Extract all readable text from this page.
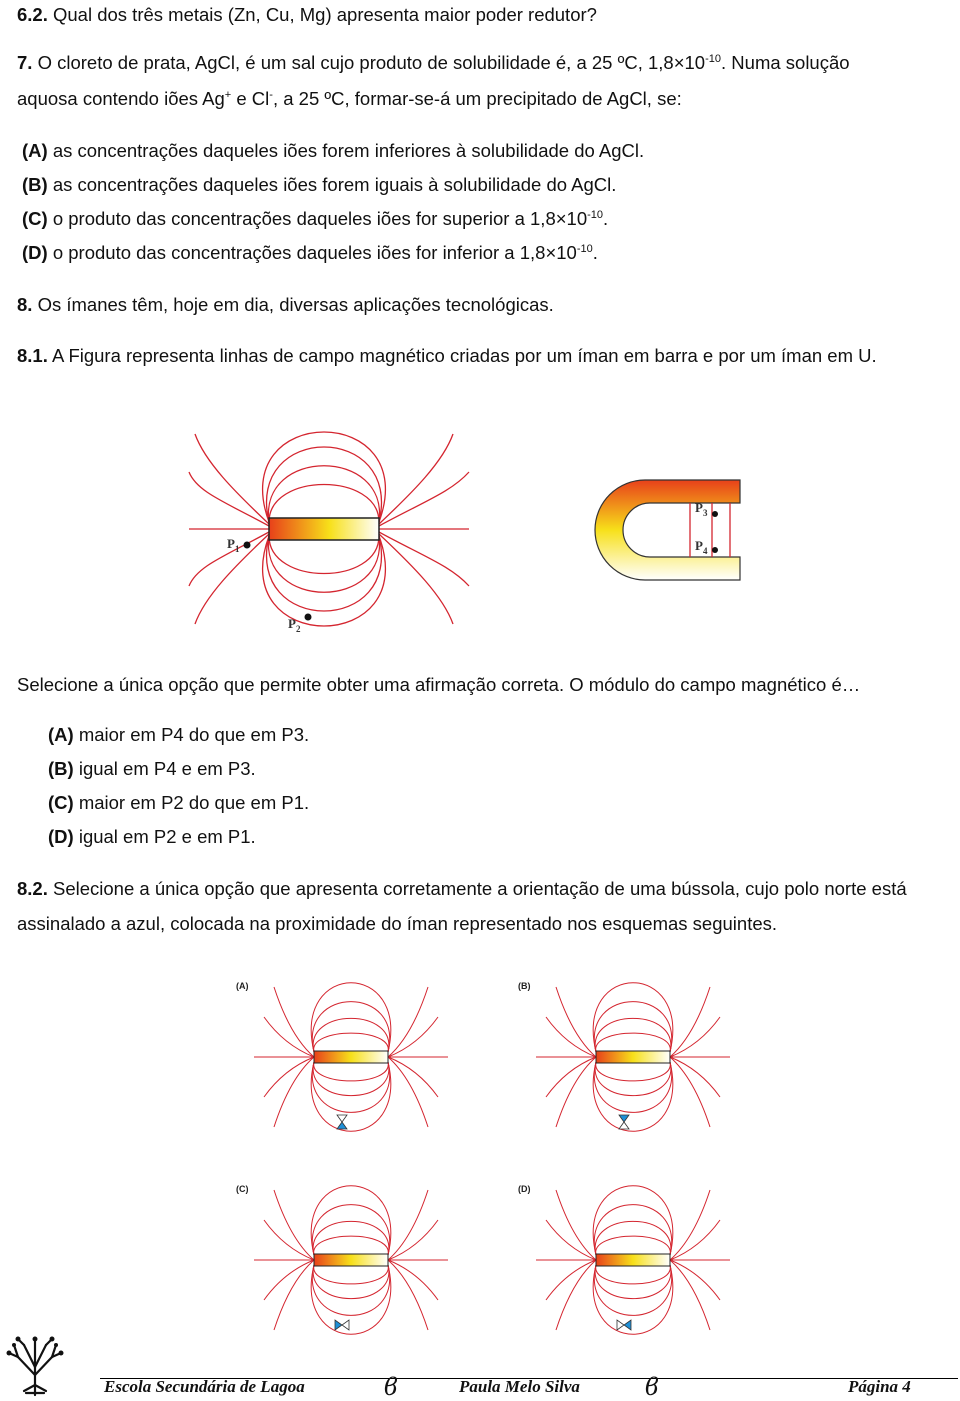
6.2. Qual dos três metais (Zn, Cu, Mg) apresenta maior poder redutor?
7. O cloreto de prata, AgCl, é um sal cujo produto de solubilidade é, a 25 ºC, $1,8\times 10^{-10}$. Numa solução
aquosa contendo iões Ag+ e Cl-, a 25 ºC, formar-se-á um precipitado de AgCl, se:
(A) as concentrações daqueles iões forem inferiores à solubilidade do AgCl.
(B) as concentrações daqueles iões forem iguais à solubilidade do AgCl.
(C) o produto das concentrações daqueles iões for superior a $1,8\times 10^{-10}$.
(D) o produto das concentrações daqueles iões for inferior a $1,8\times 10^{-10}$.
8. Os ímanes têm, hoje em dia, diversas aplicações tecnológicas.
8.1. A Figura representa linhas de campo magnético criadas por um íman em barra e por um íman em U.
$P_1$
$P_2$
$P_3$
$P_4$
Selecione a única opção que permite obter uma afirmação correta. O módulo do campo magnético é…
(A) maior em P4 do que em P3.
(B) igual em P4 e em P3.
(C) maior em P2 do que em P1.
(D) igual em P2 e em P1.
8.2. Selecione a única opção que apresenta corretamente a orientação de uma bússola, cujo polo norte está
assinalado a azul, colocada na proximidade do íman representado nos esquemas seguintes.
(A)	(B)
(C)	(D)
Escola Secundária de Lagoa	ϐ	Paula Melo Silva	ϐ	Página 4
